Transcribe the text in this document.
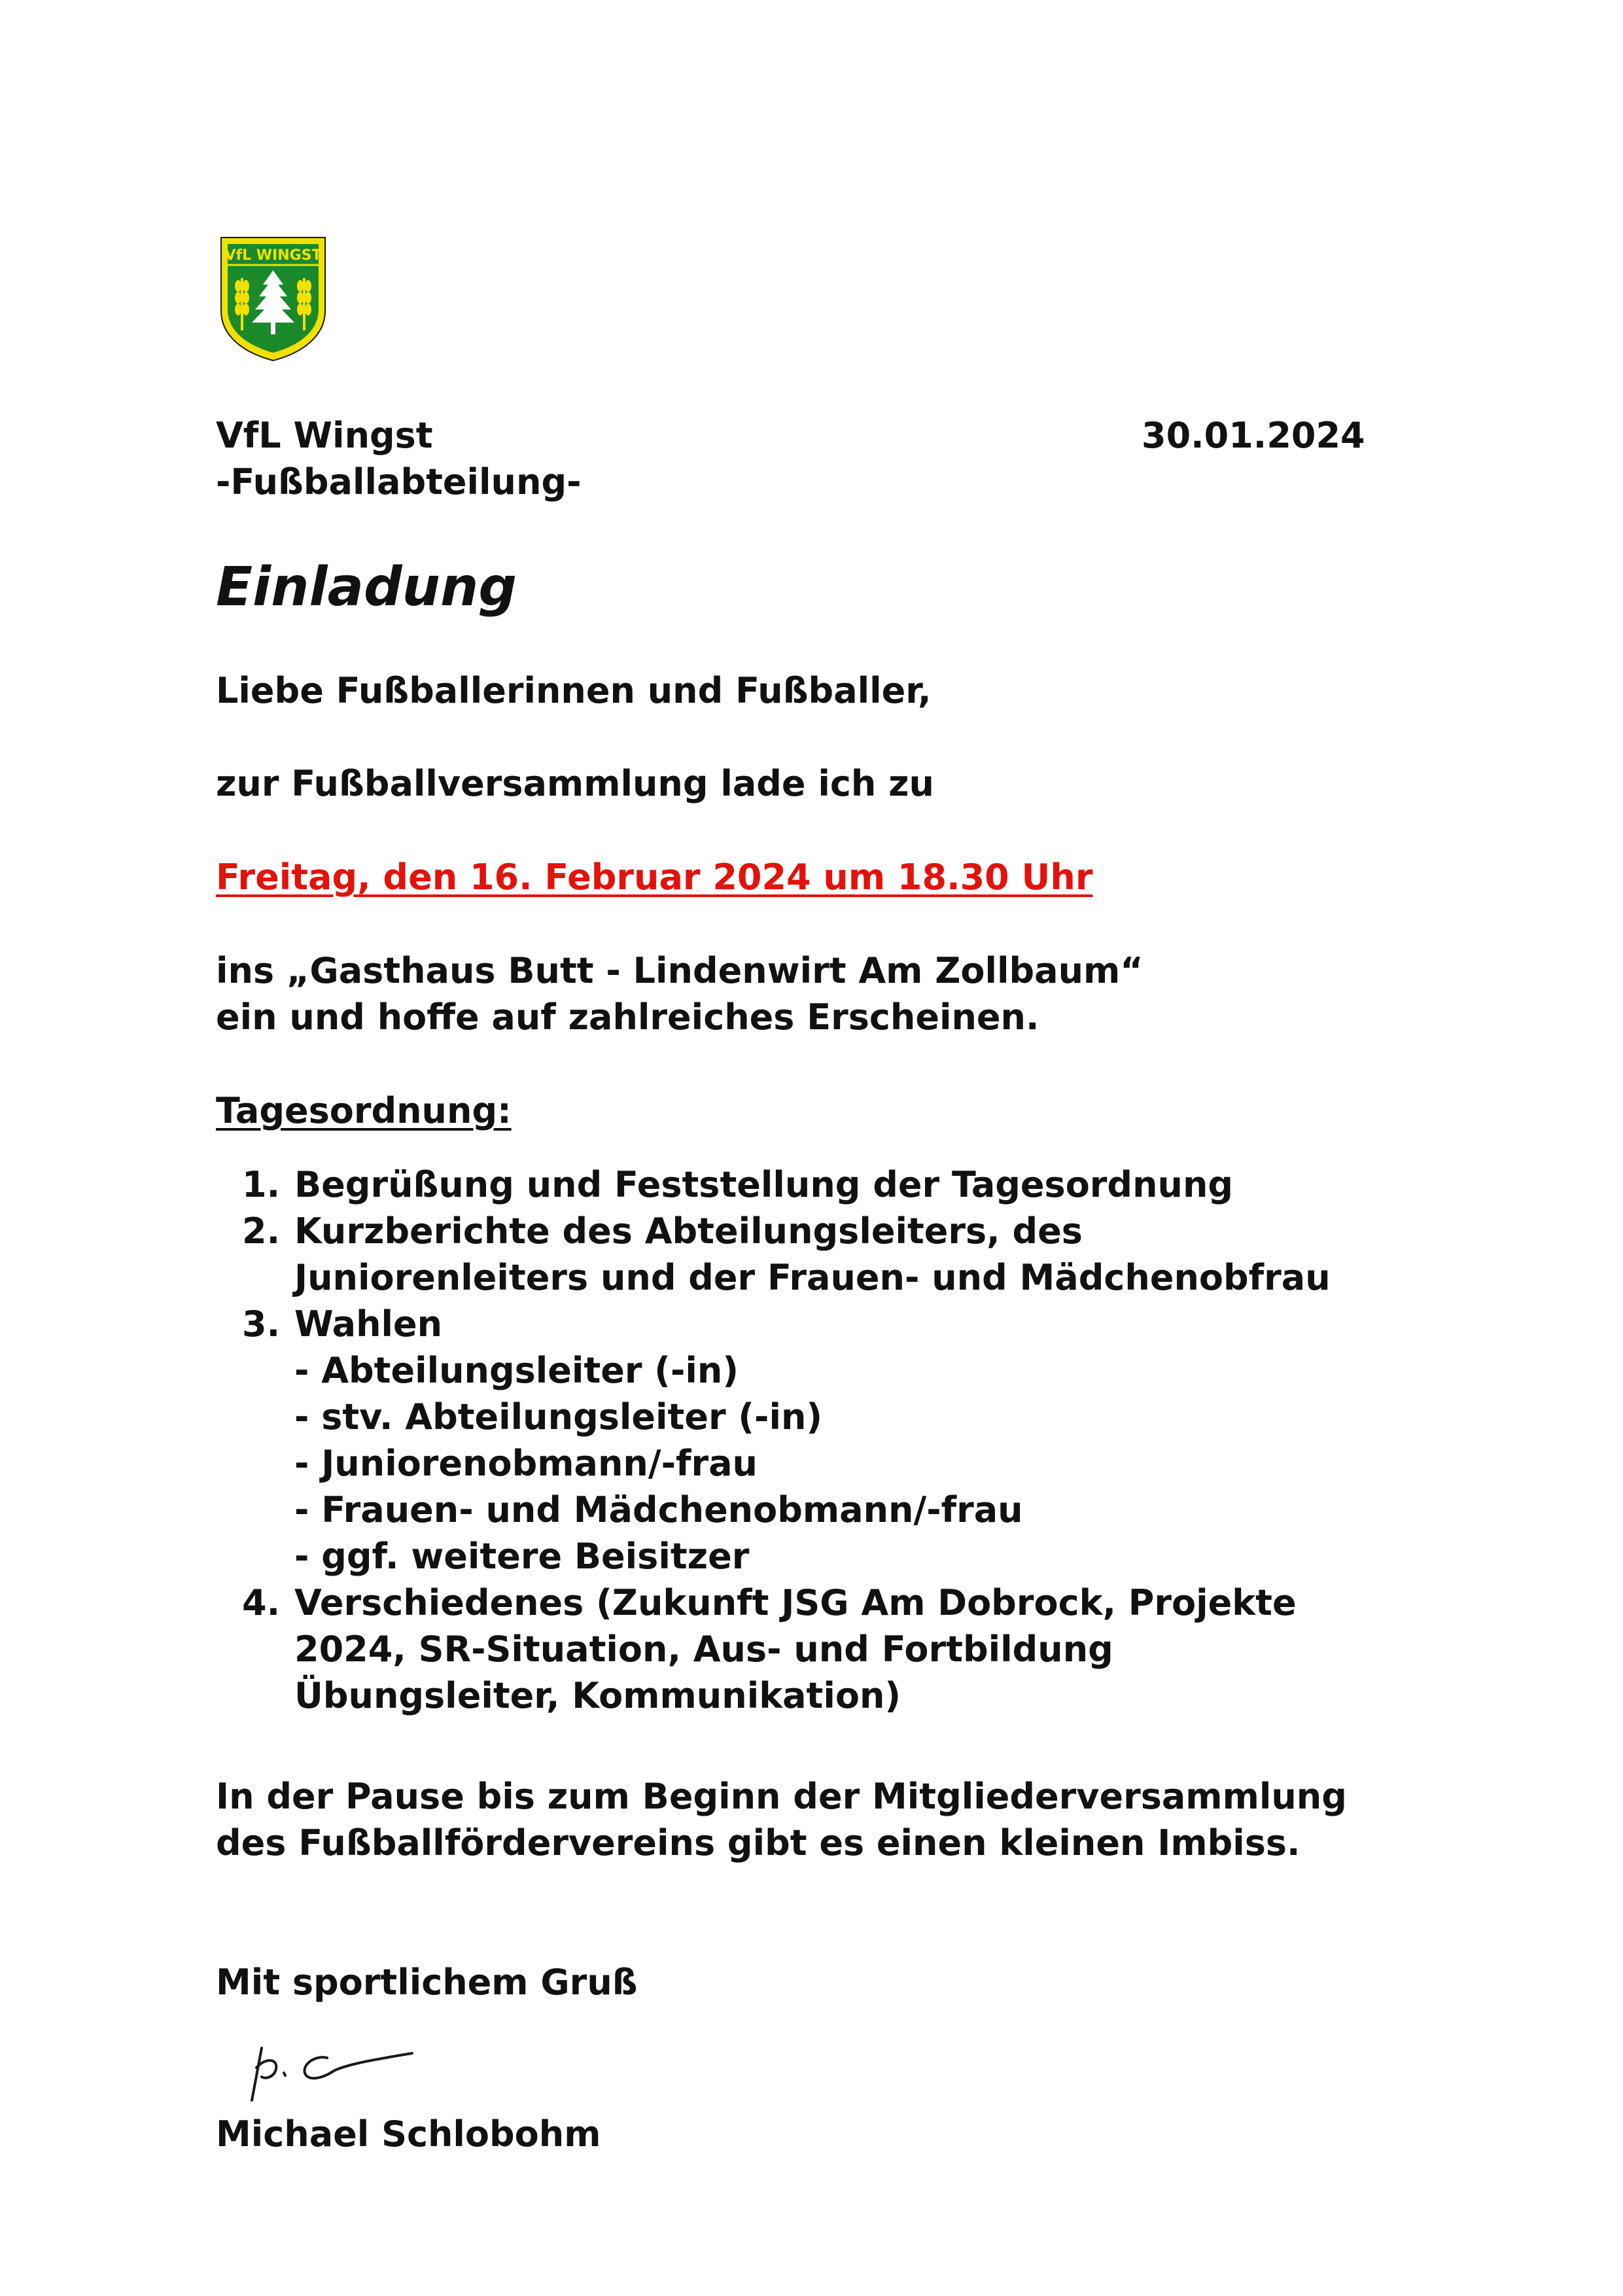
VfL WINGST
VfL Wingst	30.01.2024
-Fußballabteilung-
Einladung
Liebe Fußballerinnen und Fußballer,
zur Fußballversammlung lade ich zu
Freitag, den 16. Februar 2024 um 18.30 Uhr
ins „Gasthaus Butt - Lindenwirt Am Zollbaum“
ein und hoffe auf zahlreiches Erscheinen.
Tagesordnung:
1. Begrüßung und Feststellung der Tagesordnung
2. Kurzberichte des Abteilungsleiters, des
Juniorenleiters und der Frauen- und Mädchenobfrau
3. Wahlen
- Abteilungsleiter (-in)
- stv. Abteilungsleiter (-in)
- Juniorenobmann/-frau
- Frauen- und Mädchenobmann/-frau
- ggf. weitere Beisitzer
4. Verschiedenes (Zukunft JSG Am Dobrock, Projekte
2024, SR-Situation, Aus- und Fortbildung
Übungsleiter, Kommunikation)
In der Pause bis zum Beginn der Mitgliederversammlung
des Fußballfördervereins gibt es einen kleinen Imbiss.
Mit sportlichem Gruß
Michael Schlobohm
